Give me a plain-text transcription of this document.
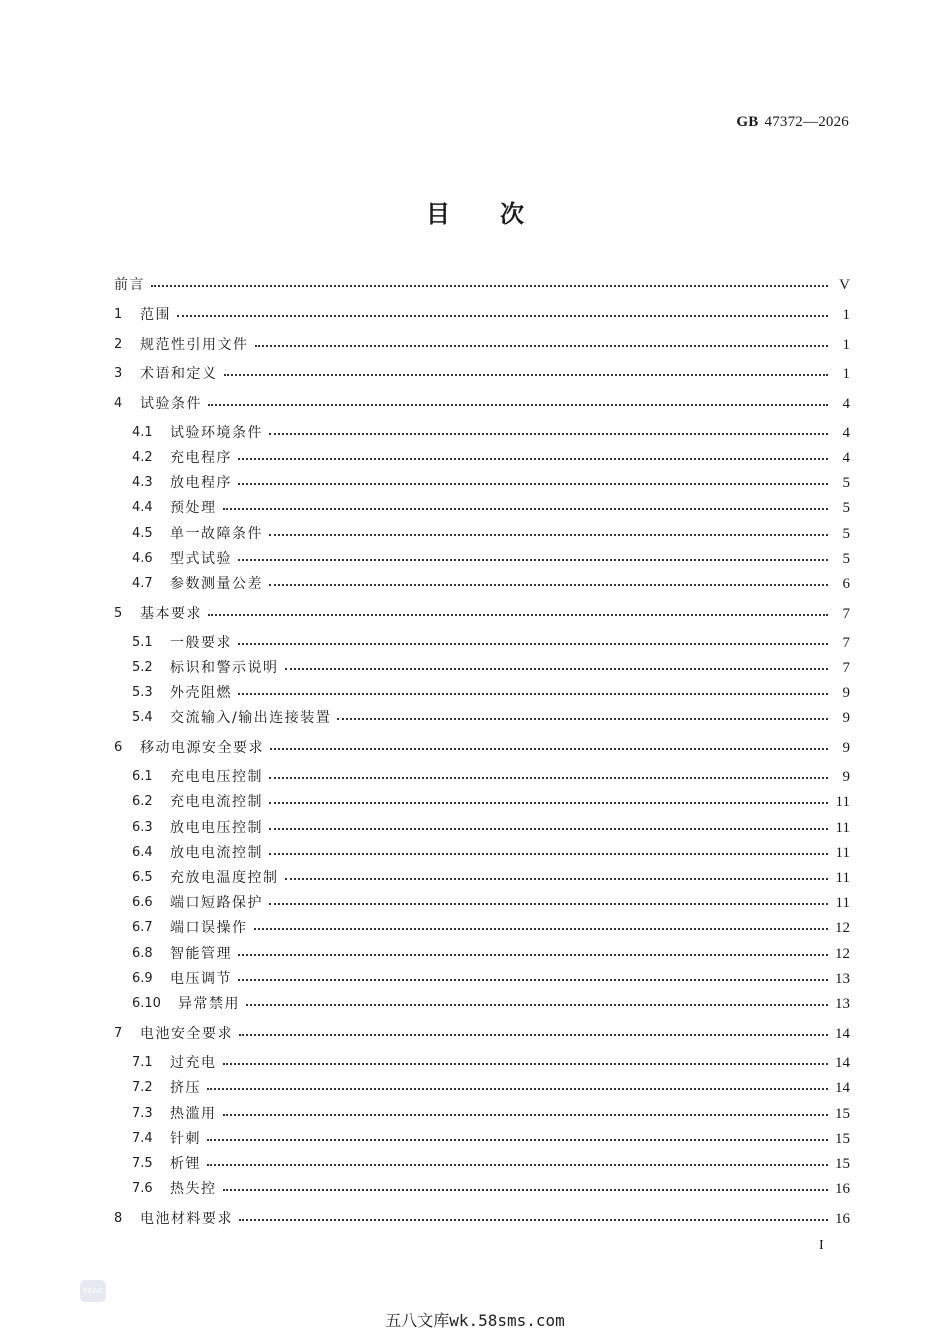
GB 47372—2026
目 次
前言	V
1	范围	1
2	规范性引用文件	1
3	术语和定义	1
4	试验条件	4
4.1	试验环境条件	4
4.2	充电程序	4
4.3	放电程序	5
4.4	预处理	5
4.5	单一故障条件	5
4.6	型式试验	5
4.7	参数测量公差	6
5	基本要求	7
5.1	一般要求	7
5.2	标识和警示说明	7
5.3	外壳阻燃	9
5.4	交流输入/输出连接装置	9
6	移动电源安全要求	9
6.1	充电电压控制	9
6.2	充电电流控制	11
6.3	放电电压控制	11
6.4	放电电流控制	11
6.5	充放电温度控制	11
6.6	端口短路保护	11
6.7	端口误操作	12
6.8	智能管理	12
6.9	电压调节	13
6.10	异常禁用	13
7	电池安全要求	14
7.1	过充电	14
7.2	挤压	14
7.3	热滥用	15
7.4	针刺	15
7.5	析锂	15
7.6	热失控	16
8	电池材料要求	16
I
SEAC
五八文库wk.58sms.com
